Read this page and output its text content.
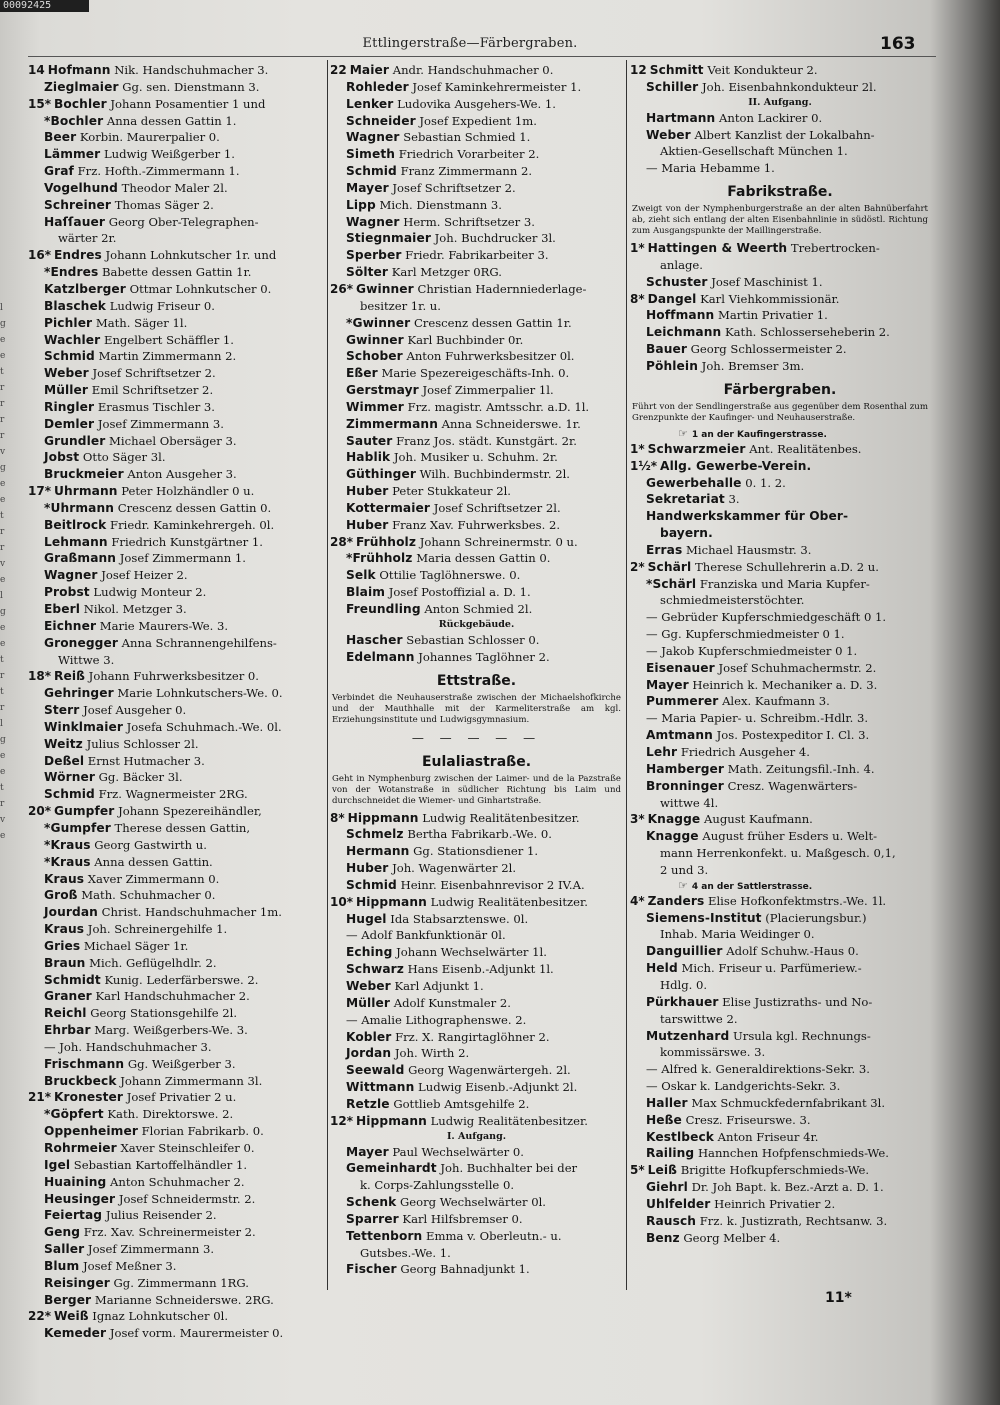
00092425
l
g
e
e
t
r
r
r
r
v
g
e
e
t
r
r
v
e
l
g
e
e
t
r
t
r
l
g
e
e
t
r
v
e
Ettlingerstraße—Färbergraben.	163
14 Hofmann Nik. Handschuhmacher 3.
Zieglmaier Gg. sen. Dienstmann 3.
15* Bochler Johann Posamentier 1 und
*Bochler Anna dessen Gattin 1.
Beer Korbin. Maurerpalier 0.
Lämmer Ludwig Weißgerber 1.
Graf Frz. Hofth.-Zimmermann 1.
Vogelhund Theodor Maler 2l.
Schreiner Thomas Säger 2.
Haſſauer Georg Ober-Telegraphen-
wärter 2r.
16* Endres Johann Lohnkutscher 1r. und
*Endres Babette dessen Gattin 1r.
Katzlberger Ottmar Lohnkutscher 0.
Blaschek Ludwig Friseur 0.
Pichler Math. Säger 1l.
Wachler Engelbert Schäffler 1.
Schmid Martin Zimmermann 2.
Weber Josef Schriftsetzer 2.
Müller Emil Schriftsetzer 2.
Ringler Erasmus Tischler 3.
Demler Josef Zimmermann 3.
Grundler Michael Obersäger 3.
Jobst Otto Säger 3l.
Bruckmeier Anton Ausgeher 3.
17* Uhrmann Peter Holzhändler 0 u.
*Uhrmann Crescenz dessen Gattin 0.
Beitlrock Friedr. Kaminkehrergeh. 0l.
Lehmann Friedrich Kunstgärtner 1.
Graßmann Josef Zimmermann 1.
Wagner Josef Heizer 2.
Probst Ludwig Monteur 2.
Eberl Nikol. Metzger 3.
Eichner Marie Maurers-We. 3.
Gronegger Anna Schrannengehilfens-
Wittwe 3.
18* Reiß Johann Fuhrwerksbesitzer 0.
Gehringer Marie Lohnkutschers-We. 0.
Sterr Josef Ausgeher 0.
Winklmaier Josefa Schuhmach.-We. 0l.
Weitz Julius Schlosser 2l.
Deßel Ernst Hutmacher 3.
Wörner Gg. Bäcker 3l.
Schmid Frz. Wagnermeister 2RG.
20* Gumpfer Johann Spezereihändler,
*Gumpfer Therese dessen Gattin,
*Kraus Georg Gastwirth u.
*Kraus Anna dessen Gattin.
Kraus Xaver Zimmermann 0.
Groß Math. Schuhmacher 0.
Jourdan Christ. Handschuhmacher 1m.
Kraus Joh. Schreinergehilfe 1.
Gries Michael Säger 1r.
Braun Mich. Geflügelhdlr. 2.
Schmidt Kunig. Lederfärberswe. 2.
Graner Karl Handschuhmacher 2.
Reichl Georg Stationsgehilfe 2l.
Ehrbar Marg. Weißgerbers-We. 3.
— Joh. Handschuhmacher 3.
Frischmann Gg. Weißgerber 3.
Bruckbeck Johann Zimmermann 3l.
21* Kronester Josef Privatier 2 u.
*Göpfert Kath. Direktorswe. 2.
Oppenheimer Florian Fabrikarb. 0.
Rohrmeier Xaver Steinschleifer 0.
Igel Sebastian Kartoffelhändler 1.
Huaining Anton Schuhmacher 2.
Heusinger Josef Schneidermstr. 2.
Feiertag Julius Reisender 2.
Geng Frz. Xav. Schreinermeister 2.
Saller Josef Zimmermann 3.
Blum Josef Meßner 3.
Reisinger Gg. Zimmermann 1RG.
Berger Marianne Schneiderswe. 2RG.
22* Weiß Ignaz Lohnkutscher 0l.
Kemeder Josef vorm. Maurermeister 0.
22 Maier Andr. Handschuhmacher 0.
Rohleder Josef Kaminkehrermeister 1.
Lenker Ludovika Ausgehers-We. 1.
Schneider Josef Expedient 1m.
Wagner Sebastian Schmied 1.
Simeth Friedrich Vorarbeiter 2.
Schmid Franz Zimmermann 2.
Mayer Josef Schriftsetzer 2.
Lipp Mich. Dienstmann 3.
Wagner Herm. Schriftsetzer 3.
Stiegnmaier Joh. Buchdrucker 3l.
Sperber Friedr. Fabrikarbeiter 3.
Sölter Karl Metzger 0RG.
26* Gwinner Christian Hadernniederlage-
besitzer 1r. u.
*Gwinner Crescenz dessen Gattin 1r.
Gwinner Karl Buchbinder 0r.
Schober Anton Fuhrwerksbesitzer 0l.
Eßer Marie Spezereigeschäfts-Inh. 0.
Gerstmayr Josef Zimmerpalier 1l.
Wimmer Frz. magistr. Amtsschr. a.D. 1l.
Zimmermann Anna Schneiderswe. 1r.
Sauter Franz Jos. städt. Kunstgärt. 2r.
Hablik Joh. Musiker u. Schuhm. 2r.
Güthinger Wilh. Buchbindermstr. 2l.
Huber Peter Stukkateur 2l.
Kottermaier Josef Schriftsetzer 2l.
Huber Franz Xav. Fuhrwerksbes. 2.
28* Frühholz Johann Schreinermstr. 0 u.
*Frühholz Maria dessen Gattin 0.
Selk Ottilie Taglöhnerswe. 0.
Blaim Josef Postoffizial a. D. 1.
Freundling Anton Schmied 2l.
Rückgebäude.
Hascher Sebastian Schlosser 0.
Edelmann Johannes Taglöhner 2.
Ettstraße.
Verbindet die Neuhauserstraße zwischen der Michaelshofkirche und der Mauthhalle mit der Karmeliterstraße am kgl. Erziehungsinstitute und Ludwigsgymnasium.
— — — — —
Eulaliastraße.
Geht in Nymphenburg zwischen der Laimer- und de la Pazstraße von der Wotanstraße in südlicher Richtung bis Laim und durchschneidet die Wiemer- und Ginhartstraße.
8* Hippmann Ludwig Realitätenbesitzer.
Schmelz Bertha Fabrikarb.-We. 0.
Hermann Gg. Stationsdiener 1.
Huber Joh. Wagenwärter 2l.
Schmid Heinr. Eisenbahnrevisor 2 IV.A.
10* Hippmann Ludwig Realitätenbesitzer.
Hugel Ida Stabsarztenswe. 0l.
— Adolf Bankfunktionär 0l.
Eching Johann Wechselwärter 1l.
Schwarz Hans Eisenb.-Adjunkt 1l.
Weber Karl Adjunkt 1.
Müller Adolf Kunstmaler 2.
— Amalie Lithographenswe. 2.
Kobler Frz. X. Rangirtaglöhner 2.
Jordan Joh. Wirth 2.
Seewald Georg Wagenwärtergeh. 2l.
Wittmann Ludwig Eisenb.-Adjunkt 2l.
Retzle Gottlieb Amtsgehilfe 2.
12* Hippmann Ludwig Realitätenbesitzer.
I. Aufgang.
Mayer Paul Wechselwärter 0.
Gemeinhardt Joh. Buchhalter bei der
k. Corps-Zahlungsstelle 0.
Schenk Georg Wechselwärter 0l.
Sparrer Karl Hilfsbremser 0.
Tettenborn Emma v. Oberleutn.- u.
Gutsbes.-We. 1.
Fischer Georg Bahnadjunkt 1.
12 Schmitt Veit Kondukteur 2.
Schiller Joh. Eisenbahnkondukteur 2l.
II. Aufgang.
Hartmann Anton Lackirer 0.
Weber Albert Kanzlist der Lokalbahn-
Aktien-Gesellschaft München 1.
— Maria Hebamme 1.
Fabrikstraße.
Zweigt von der Nymphenburgerstraße an der alten Bahnüberfahrt ab, zieht sich entlang der alten Eisenbahnlinie in südöstl. Richtung zum Ausgangspunkte der Maillingerstraße.
1* Hattingen & Weerth Trebertrocken-
anlage.
Schuster Josef Maschinist 1.
8* Dangel Karl Viehkommissionär.
Hoffmann Martin Privatier 1.
Leichmann Kath. Schlosserseheberin 2.
Bauer Georg Schlossermeister 2.
Pöhlein Joh. Bremser 3m.
Färbergraben.
Führt von der Sendlingerstraße aus gegenüber dem Rosenthal zum Grenzpunkte der Kaufinger- und Neuhauserstraße.
☞ 1 an der Kaufingerstrasse.
1* Schwarzmeier Ant. Realitätenbes.
1½* Allg. Gewerbe-Verein.
Gewerbehalle 0. 1. 2.
Sekretariat 3.
Handwerkskammer für Ober-
bayern.
Erras Michael Hausmstr. 3.
2* Schärl Therese Schullehrerin a.D. 2 u.
*Schärl Franziska und Maria Kupfer-
schmiedmeisterstöchter.
— Gebrüder Kupferschmiedgeschäft 0 1.
— Gg. Kupferschmiedmeister 0 1.
— Jakob Kupferschmiedmeister 0 1.
Eisenauer Josef Schuhmachermstr. 2.
Mayer Heinrich k. Mechaniker a. D. 3.
Pummerer Alex. Kaufmann 3.
— Maria Papier- u. Schreibm.-Hdlr. 3.
Amtmann Jos. Postexpeditor I. Cl. 3.
Lehr Friedrich Ausgeher 4.
Hamberger Math. Zeitungsfil.-Inh. 4.
Bronninger Cresz. Wagenwärters-
wittwe 4l.
3* Knagge August Kaufmann.
Knagge August früher Esders u. Welt-
mann Herrenkonfekt. u. Maßgesch. 0,1,
2 und 3.
☞ 4 an der Sattlerstrasse.
4* Zanders Elise Hofkonfektmstrs.-We. 1l.
Siemens-Institut (Placierungsbur.)
Inhab. Maria Weidinger 0.
Danguillier Adolf Schuhw.-Haus 0.
Held Mich. Friseur u. Parfümeriew.-
Hdlg. 0.
Pürkhauer Elise Justizraths- und No-
tarswittwe 2.
Mutzenhard Ursula kgl. Rechnungs-
kommissärswe. 3.
— Alfred k. Generaldirektions-Sekr. 3.
— Oskar k. Landgerichts-Sekr. 3.
Haller Max Schmuckfedernfabrikant 3l.
Heße Cresz. Friseurswe. 3.
Kestlbeck Anton Friseur 4r.
Railing Hannchen Hofpfenschmieds-We.
5* Leiß Brigitte Hofkupferschmieds-We.
Giehrl Dr. Joh Bapt. k. Bez.-Arzt a. D. 1.
Uhlfelder Heinrich Privatier 2.
Rausch Frz. k. Justizrath, Rechtsanw. 3.
Benz Georg Melber 4.
11*
